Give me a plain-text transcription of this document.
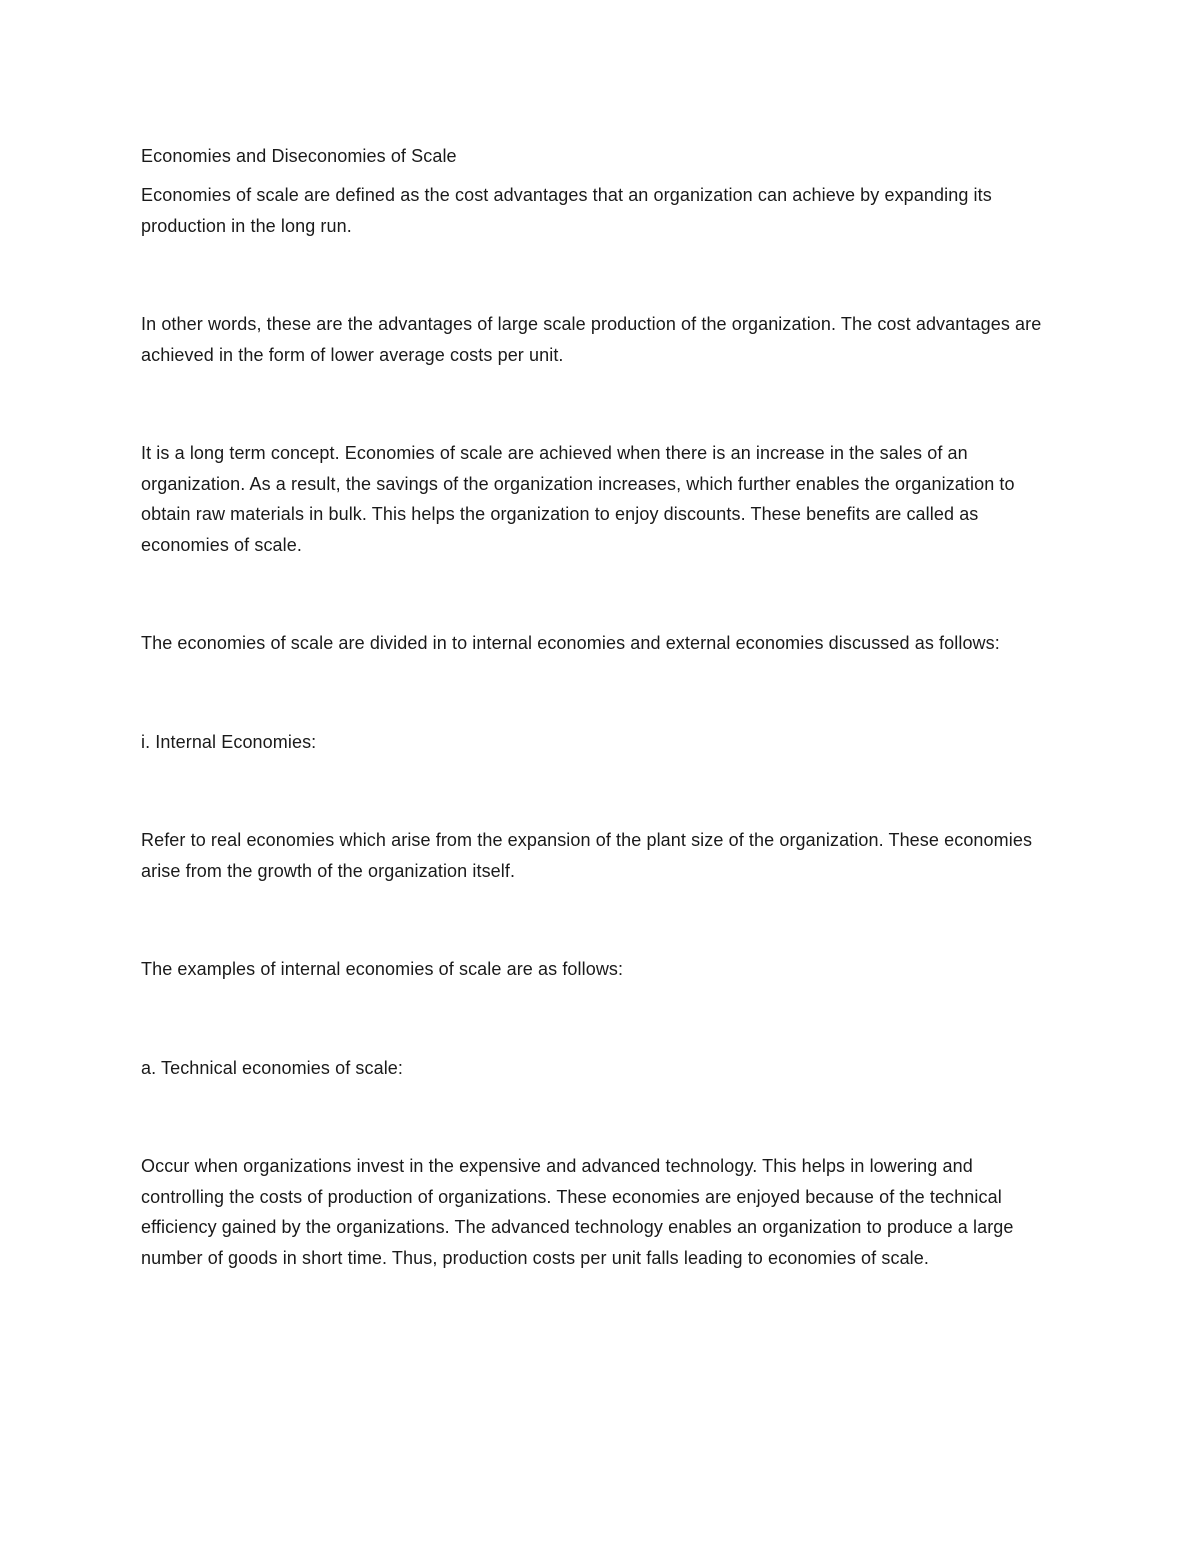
Economies and Diseconomies of Scale

Economies of scale are defined as the cost advantages that an organization can achieve by expanding its production in the long run.

In other words, these are the advantages of large scale production of the organization. The cost advantages are achieved in the form of lower average costs per unit.

It is a long term concept. Economies of scale are achieved when there is an increase in the sales of an organization. As a result, the savings of the organization increases, which further enables the organization to obtain raw materials in bulk. This helps the organization to enjoy discounts. These benefits are called as economies of scale.

The economies of scale are divided in to internal economies and external economies discussed as follows:

i. Internal Economies:

Refer to real economies which arise from the expansion of the plant size of the organization. These economies arise from the growth of the organization itself.

The examples of internal economies of scale are as follows:

a. Technical economies of scale:

Occur when organizations invest in the expensive and advanced technology. This helps in lowering and controlling the costs of production of organizations. These economies are enjoyed because of the technical efficiency gained by the organizations. The advanced technology enables an organization to produce a large number of goods in short time. Thus, production costs per unit falls leading to economies of scale.
